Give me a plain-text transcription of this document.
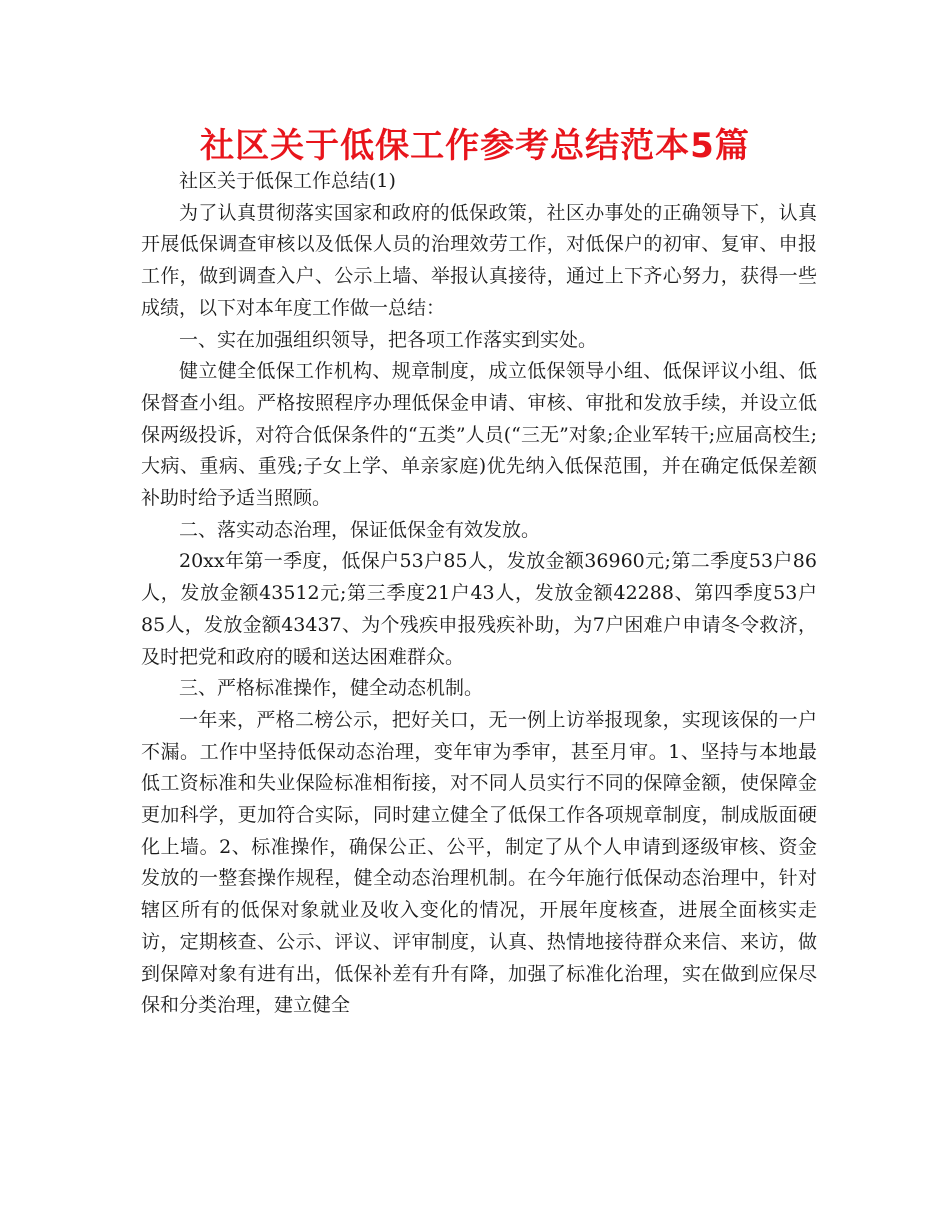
社区关于低保工作参考总结范本5篇

社区关于低保工作总结(1)

为了认真贯彻落实国家和政府的低保政策，社区办事处的正确领导下，认真开展低保调查审核以及低保人员的治理效劳工作，对低保户的初审、复审、申报工作，做到调查入户、公示上墙、举报认真接待，通过上下齐心努力，获得一些成绩，以下对本年度工作做一总结：

一、实在加强组织领导，把各项工作落实到实处。

健立健全低保工作机构、规章制度，成立低保领导小组、低保评议小组、低保督查小组。严格按照程序办理低保金申请、审核、审批和发放手续，并设立低保两级投诉，对符合低保条件的“五类”人员(“三无”对象;企业军转干;应届高校生;大病、重病、重残;子女上学、单亲家庭)优先纳入低保范围，并在确定低保差额补助时给予适当照顾。

二、落实动态治理，保证低保金有效发放。

20xx年第一季度，低保户53户85人，发放金额36960元;第二季度53户86人，发放金额43512元;第三季度21户43人，发放金额42288、第四季度53户85人，发放金额43437、为个残疾申报残疾补助，为7户困难户申请冬令救济，及时把党和政府的暖和送达困难群众。

三、严格标准操作，健全动态机制。

一年来，严格二榜公示，把好关口，无一例上访举报现象，实现该保的一户不漏。工作中坚持低保动态治理，变年审为季审，甚至月审。1、坚持与本地最低工资标准和失业保险标准相衔接，对不同人员实行不同的保障金额，使保障金更加科学，更加符合实际，同时建立健全了低保工作各项规章制度，制成版面硬化上墙。2、标准操作，确保公正、公平，制定了从个人申请到逐级审核、资金发放的一整套操作规程，健全动态治理机制。在今年施行低保动态治理中，针对辖区所有的低保对象就业及收入变化的情况，开展年度核查，进展全面核实走访，定期核查、公示、评议、评审制度，认真、热情地接待群众来信、来访，做到保障对象有进有出，低保补差有升有降，加强了标准化治理，实在做到应保尽保和分类治理，建立健全
